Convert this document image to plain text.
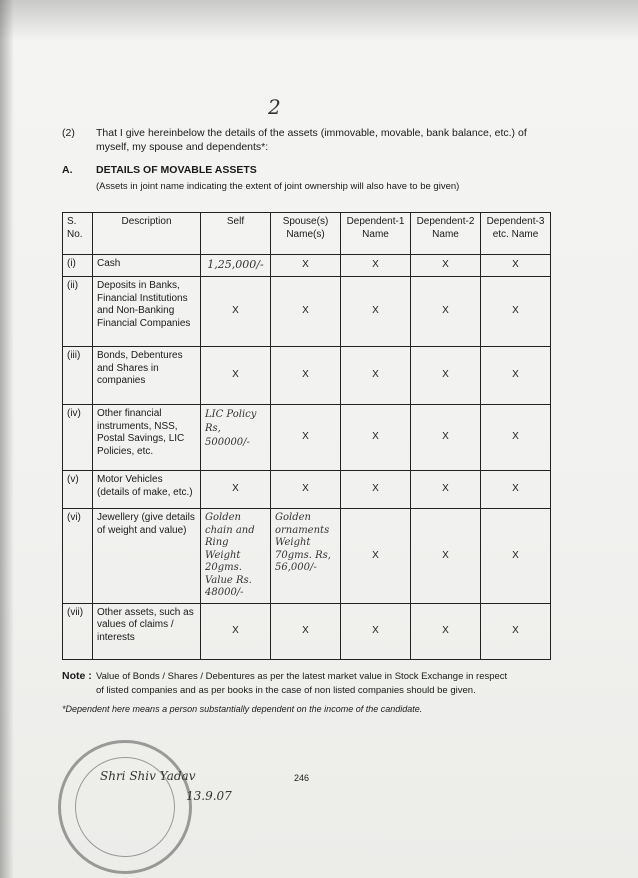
2
(2) That I give hereinbelow the details of the assets (immovable, movable, bank balance, etc.) of
myself, my spouse and dependents*:
A. DETAILS OF MOVABLE ASSETS
(Assets in joint name indicating the extent of joint ownership will also have to be given)
S. No.	Description	Self	Spouse(s) Name(s)	Dependent-1 Name	Dependent-2 Name	Dependent-3 etc. Name
(i)	Cash	1,25,000/-	X	X	X	X
(ii)	Deposits in Banks, Financial Institutions and Non-Banking Financial Companies	X	X	X	X	X
(iii)	Bonds, Debentures and Shares in companies	X	X	X	X	X
(iv)	Other financial instruments, NSS, Postal Savings, LIC Policies, etc.	LIC Policy Rs, 500000/-	X	X	X	X
(v)	Motor Vehicles (details of make, etc.)	X	X	X	X	X
(vi)	Jewellery (give details of weight and value)	Golden chain and Ring Weight 20gms. Value Rs. 48000/-	Golden ornaments Weight 70gms. Rs, 56,000/-	X	X	X
(vii)	Other assets, such as values of claims / interests	X	X	X	X	X
Note : Value of Bonds / Shares / Debentures as per the latest market value in Stock Exchange in respect
of listed companies and as per books in the case of non listed companies should be given.
*Dependent here means a person substantially dependent on the income of the candidate.
246
Shri Shiv Yadav
13.9.07
